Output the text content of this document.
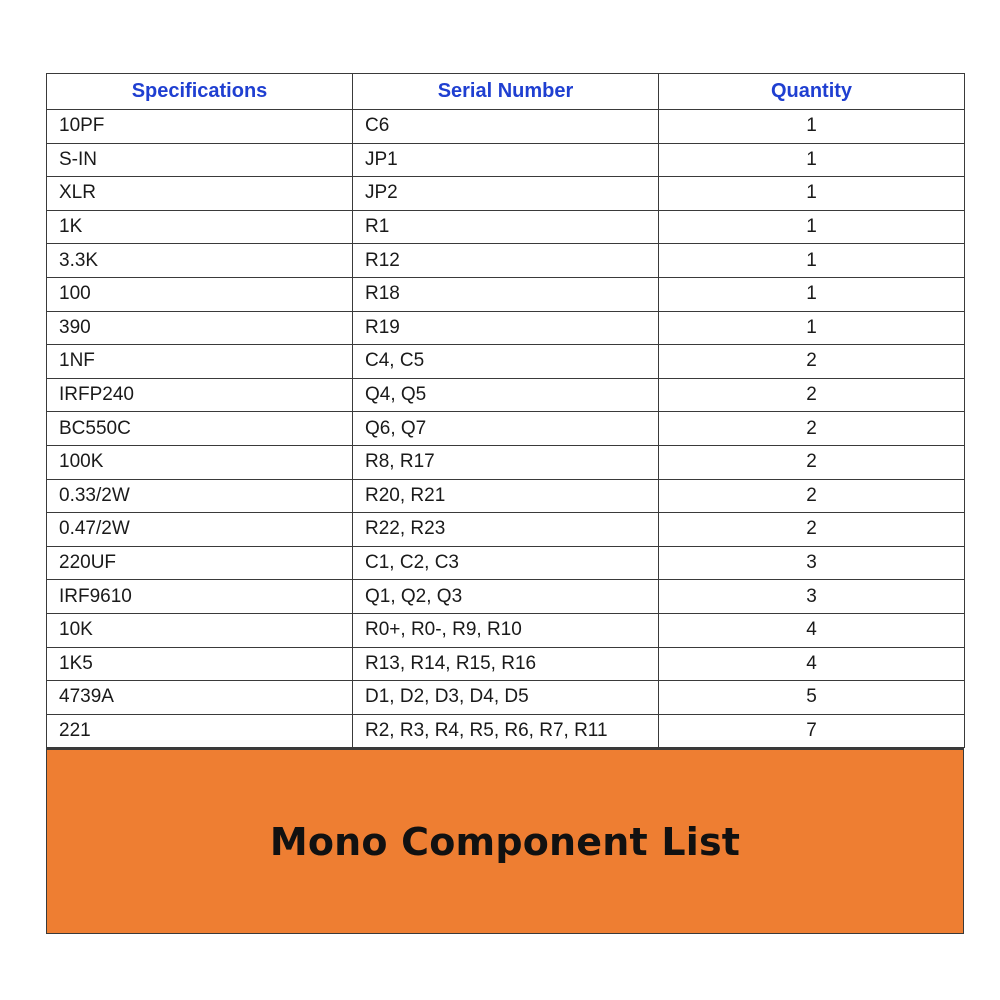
Specifications	Serial Number	Quantity
10PF	C6	1
S-IN	JP1	1
XLR	JP2	1
1K	R1	1
3.3K	R12	1
100	R18	1
390	R19	1
1NF	C4, C5	2
IRFP240	Q4, Q5	2
BC550C	Q6, Q7	2
100K	R8, R17	2
0.33/2W	R20, R21	2
0.47/2W	R22, R23	2
220UF	C1, C2, C3	3
IRF9610	Q1, Q2, Q3	3
10K	R0+, R0-, R9, R10	4
1K5	R13, R14, R15, R16	4
4739A	D1, D2, D3, D4, D5	5
221	R2, R3, R4, R5, R6, R7, R11	7
Mono Component List
